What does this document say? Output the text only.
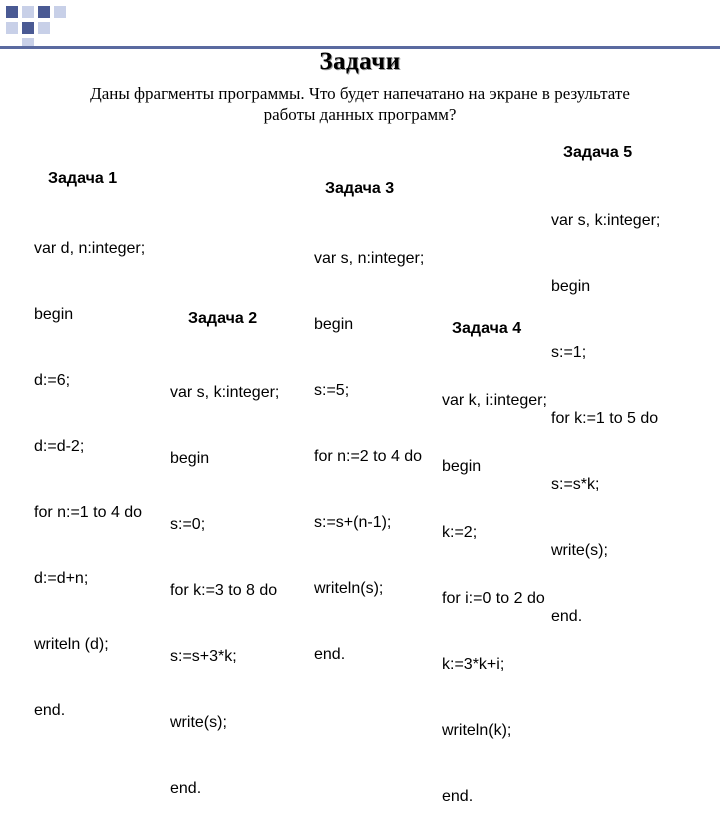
Задачи
Даны фрагменты программы. Что будет напечатано на экране в результате работы данных программ?
Задача 1

var d, n:integer;

begin

d:=6;

d:=d-2;

for n:=1 to 4 do

d:=d+n;

writeln (d);

end.

Задача 2

var s, k:integer;

begin

s:=0;

for k:=3 to 8 do

s:=s+3*k;

write(s);

end.

Задача 3

var s, n:integer;

begin

s:=5;

for n:=2 to 4 do

s:=s+(n-1);

writeln(s);

end.

Задача 4

var k, i:integer;

begin

k:=2;

for i:=0 to 2 do

k:=3*k+i;

writeln(k);

end.

Задача 5

var s, k:integer;

begin

s:=1;

for k:=1 to 5 do

s:=s*k;

write(s);

end.
